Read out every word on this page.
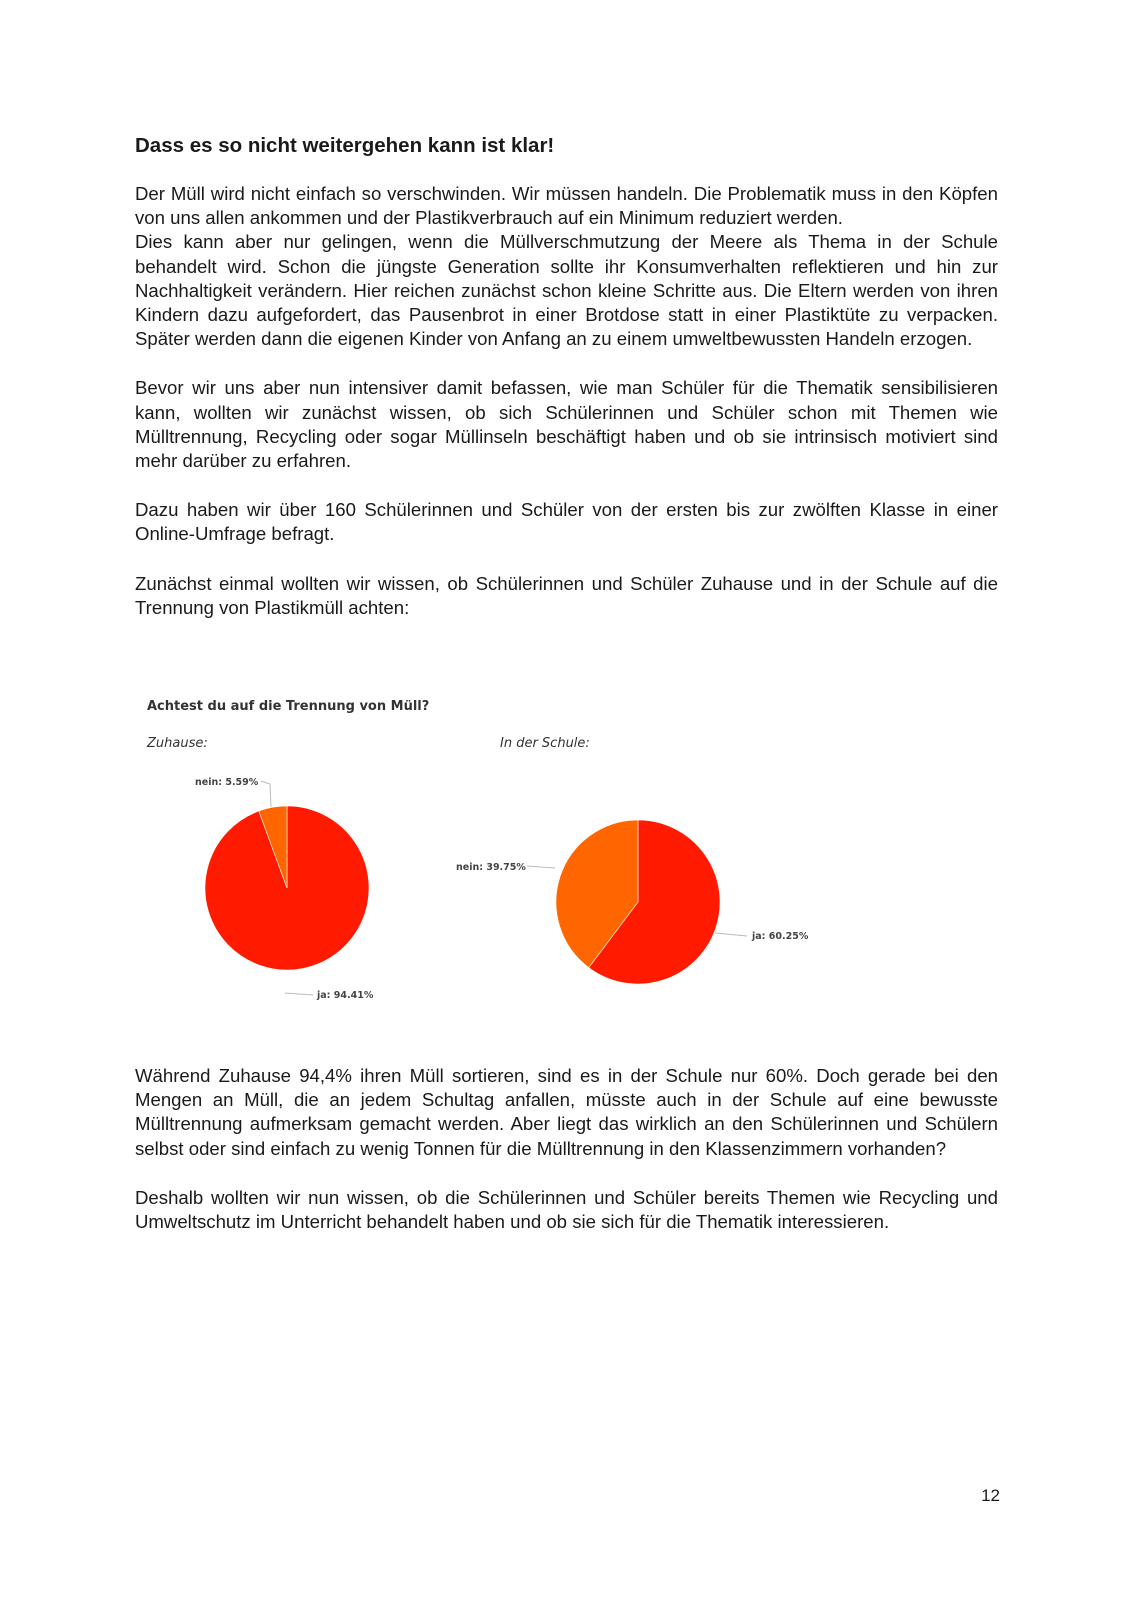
Dass es so nicht weitergehen kann ist klar!

Der Müll wird nicht einfach so verschwinden. Wir müssen handeln. Die Problematik muss in den Köpfen von uns allen ankommen und der Plastikverbrauch auf ein Minimum reduziert werden.

Dies kann aber nur gelingen, wenn die Müllverschmutzung der Meere als Thema in der Schule behandelt wird. Schon die jüngste Generation sollte ihr Konsumverhalten reflektieren und hin zur Nachhaltigkeit verändern. Hier reichen zunächst schon kleine Schritte aus. Die Eltern werden von ihren Kindern dazu aufgefordert, das Pausenbrot in einer Brotdose statt in einer Plastiktüte zu verpacken. Später werden dann die eigenen Kinder von Anfang an zu einem umweltbewussten Handeln erzogen.

Bevor wir uns aber nun intensiver damit befassen, wie man Schüler für die Thematik sensibilisieren kann, wollten wir zunächst wissen, ob sich Schülerinnen und Schüler schon mit Themen wie Mülltrennung, Recycling oder sogar Müllinseln beschäftigt haben und ob sie intrinsisch motiviert sind mehr darüber zu erfahren.

Dazu haben wir über 160 Schülerinnen und Schüler von der ersten bis zur zwölften Klasse in einer Online-Umfrage befragt.

Zunächst einmal wollten wir wissen, ob Schülerinnen und Schüler Zuhause und in der Schule auf die Trennung von Plastikmüll achten:

Achtest du auf die Trennung von Müll?
Zuhause:	In der Schule:
ja: 94.41%
nein: 5.59%
ja: 60.25%
nein: 39.75%

Während Zuhause 94,4% ihren Müll sortieren, sind es in der Schule nur 60%. Doch gerade bei den Mengen an Müll, die an jedem Schultag anfallen, müsste auch in der Schule auf eine bewusste Mülltrennung aufmerksam gemacht werden. Aber liegt das wirklich an den Schülerinnen und Schülern selbst oder sind einfach zu wenig Tonnen für die Mülltrennung in den Klassenzimmern vorhanden?

Deshalb wollten wir nun wissen, ob die Schülerinnen und Schüler bereits Themen wie Recycling und Umweltschutz im Unterricht behandelt haben und ob sie sich für die Thematik interessieren.

12
